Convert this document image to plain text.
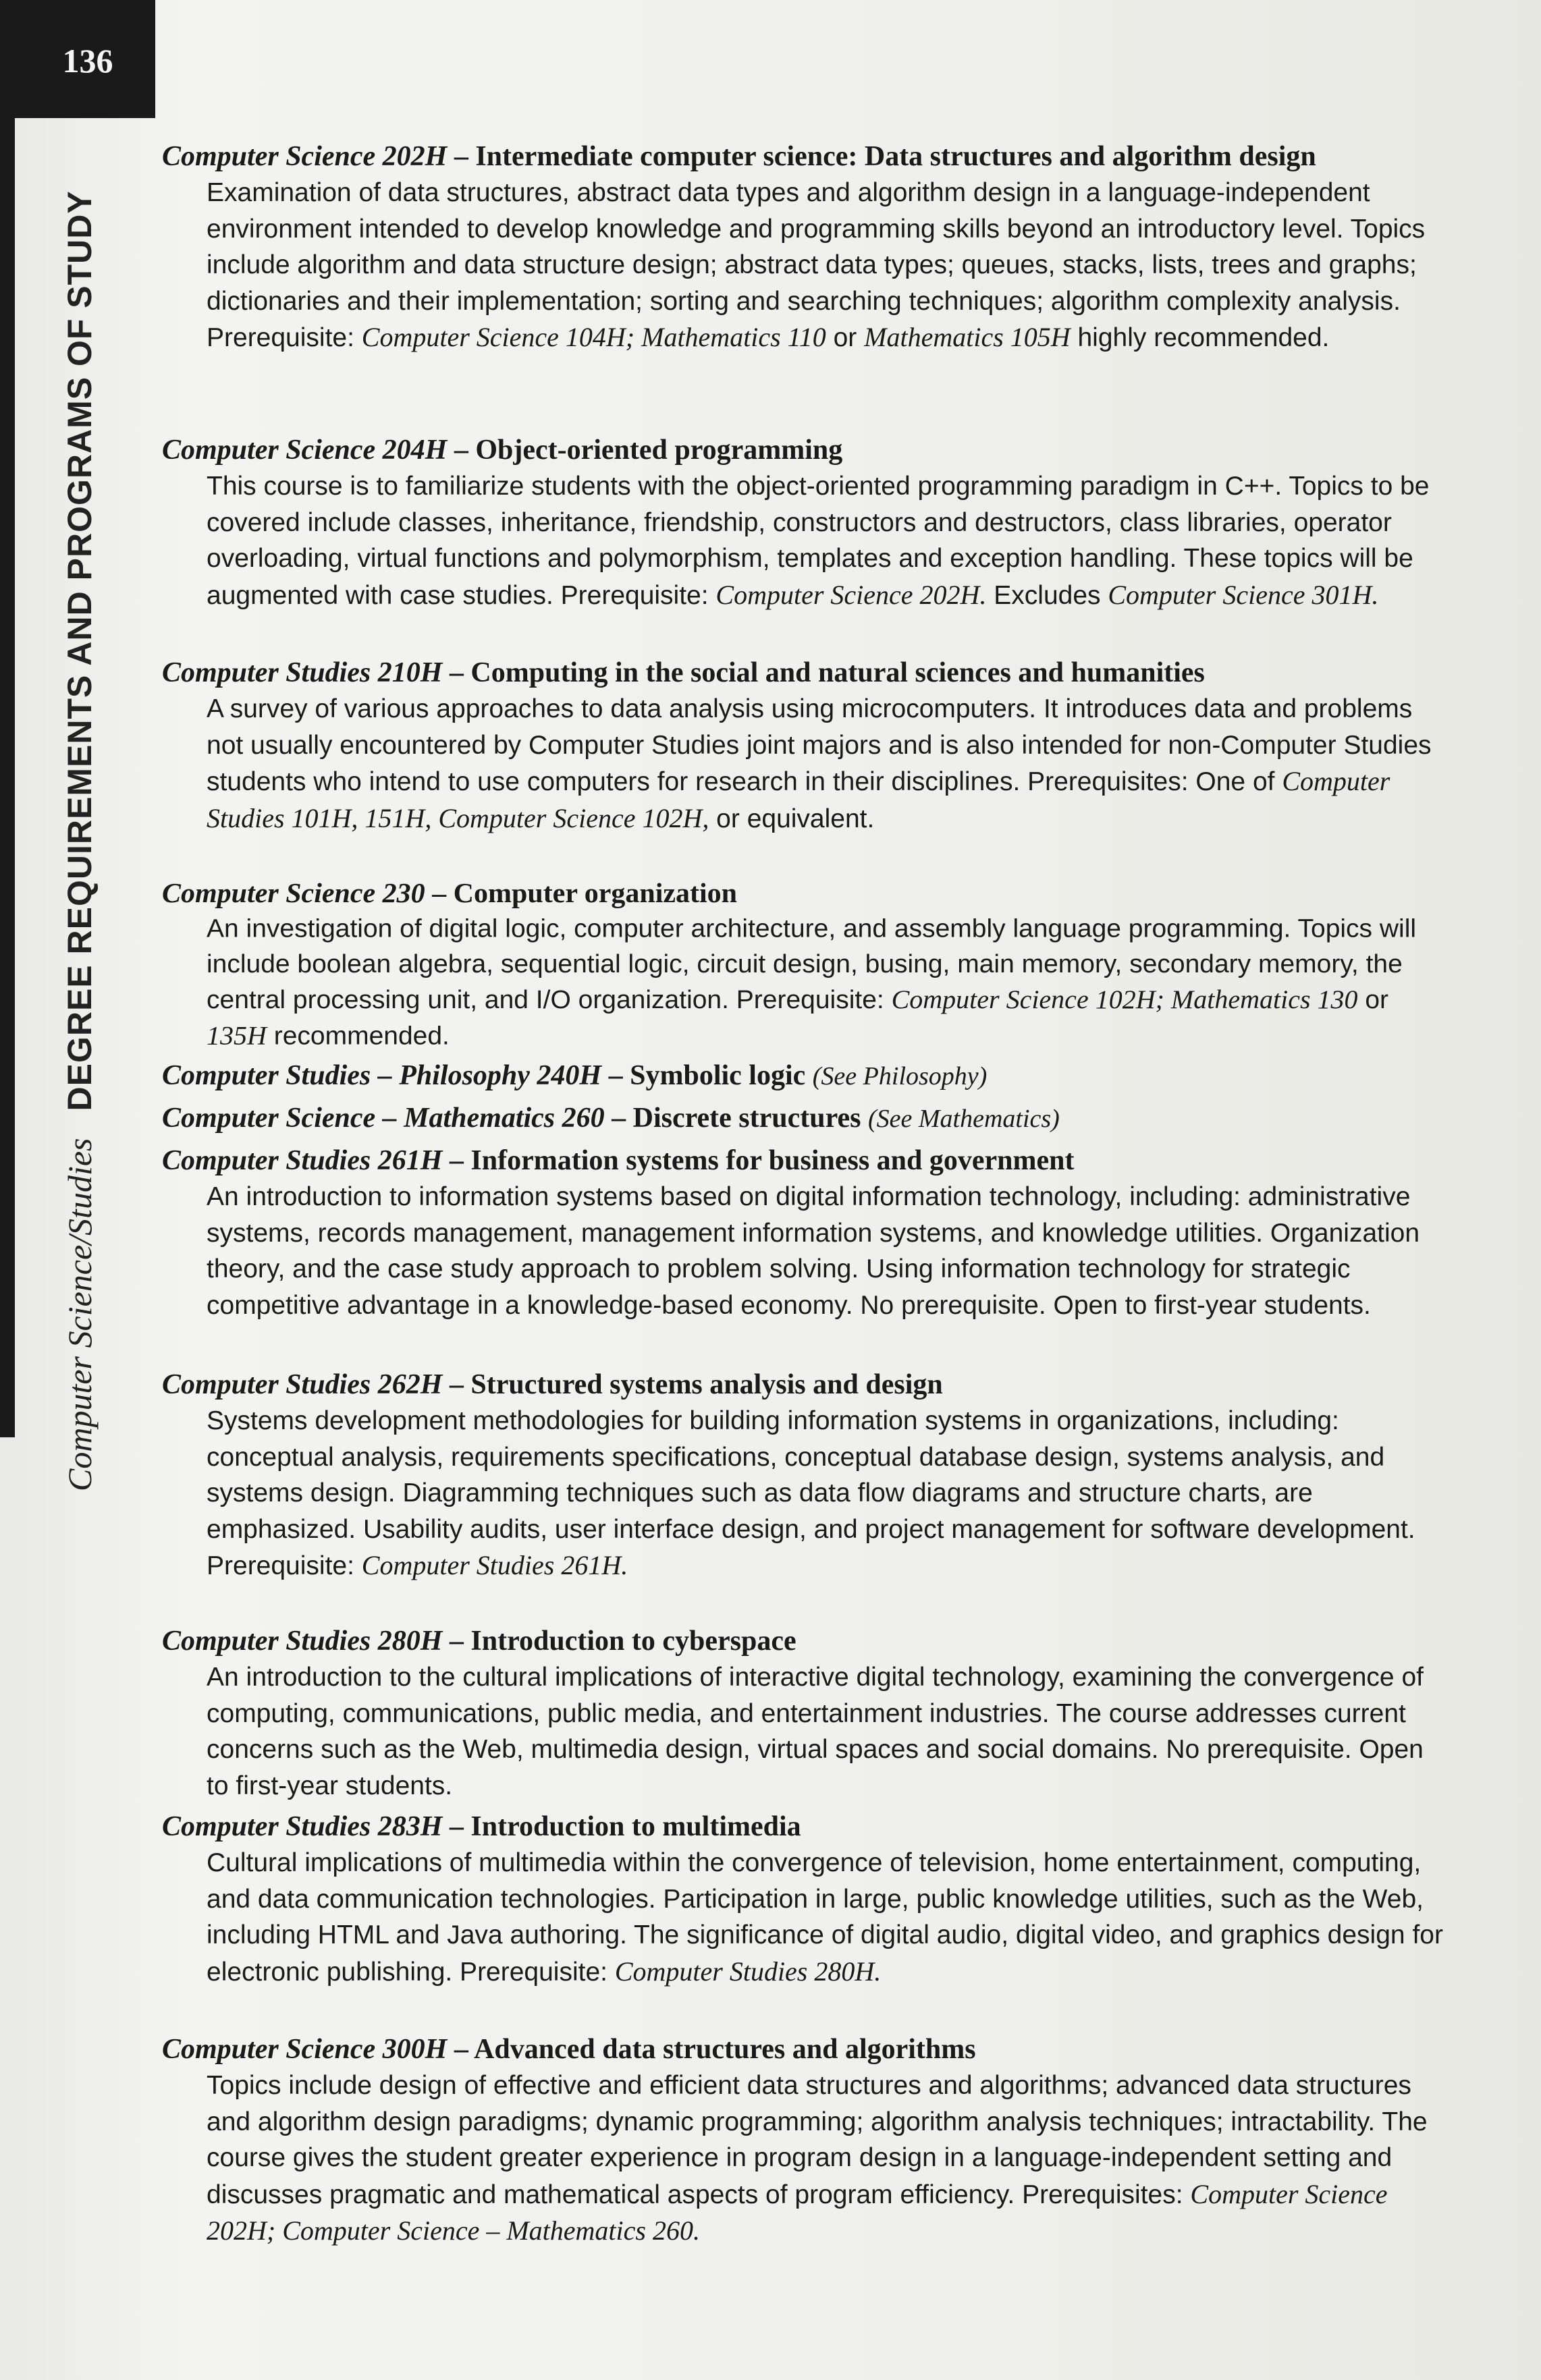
136
Computer Science/Studies
DEGREE REQUIREMENTS AND PROGRAMS OF STUDY

Computer Science 202H – Intermediate computer science: Data structures and algorithm design

Examination of data structures, abstract data types and algorithm design in a language-independent environment intended to develop knowledge and programming skills beyond an introductory level. Topics include algorithm and data structure design; abstract data types; queues, stacks, lists, trees and graphs; dictionaries and their implementation; sorting and searching techniques; algorithm complexity analysis. Prerequisite: Computer Science 104H; Mathematics 110 or Mathematics 105H highly recommended.

Computer Science 204H – Object-oriented programming

This course is to familiarize students with the object-oriented programming paradigm in C++. Topics to be covered include classes, inheritance, friendship, constructors and destructors, class libraries, operator overloading, virtual functions and polymorphism, templates and exception handling. These topics will be augmented with case studies. Prerequisite: Computer Science 202H. Excludes Computer Science 301H.

Computer Studies 210H – Computing in the social and natural sciences and humanities

A survey of various approaches to data analysis using microcomputers. It introduces data and problems not usually encountered by Computer Studies joint majors and is also intended for non-Computer Studies students who intend to use computers for research in their disciplines. Prerequisites: One of Computer Studies 101H, 151H, Computer Science 102H, or equivalent.

Computer Science 230 – Computer organization

An investigation of digital logic, computer architecture, and assembly language programming. Topics will include boolean algebra, sequential logic, circuit design, busing, main memory, secondary memory, the central processing unit, and I/O organization. Prerequisite: Computer Science 102H; Mathematics 130 or 135H recommended.

Computer Studies – Philosophy 240H – Symbolic logic (See Philosophy)

Computer Science – Mathematics 260 – Discrete structures (See Mathematics)

Computer Studies 261H – Information systems for business and government

An introduction to information systems based on digital information technology, including: administrative systems, records management, management information systems, and knowledge utilities. Organization theory, and the case study approach to problem solving. Using information technology for strategic competitive advantage in a knowledge-based economy. No prerequisite. Open to first-year students.

Computer Studies 262H – Structured systems analysis and design

Systems development methodologies for building information systems in organizations, including: conceptual analysis, requirements specifications, conceptual database design, systems analysis, and systems design. Diagramming techniques such as data flow diagrams and structure charts, are emphasized. Usability audits, user interface design, and project management for software development. Prerequisite: Computer Studies 261H.

Computer Studies 280H – Introduction to cyberspace

An introduction to the cultural implications of interactive digital technology, examining the convergence of computing, communications, public media, and entertainment industries. The course addresses current concerns such as the Web, multimedia design, virtual spaces and social domains. No prerequisite. Open to first-year students.

Computer Studies 283H – Introduction to multimedia

Cultural implications of multimedia within the convergence of television, home entertainment, computing, and data communication technologies. Participation in large, public knowledge utilities, such as the Web, including HTML and Java authoring. The significance of digital audio, digital video, and graphics design for electronic publishing. Prerequisite: Computer Studies 280H.

Computer Science 300H – Advanced data structures and algorithms

Topics include design of effective and efficient data structures and algorithms; advanced data structures and algorithm design paradigms; dynamic programming; algorithm analysis techniques; intractability. The course gives the student greater experience in program design in a language-independent setting and discusses pragmatic and mathematical aspects of program efficiency. Prerequisites: Computer Science 202H; Computer Science – Mathematics 260.
